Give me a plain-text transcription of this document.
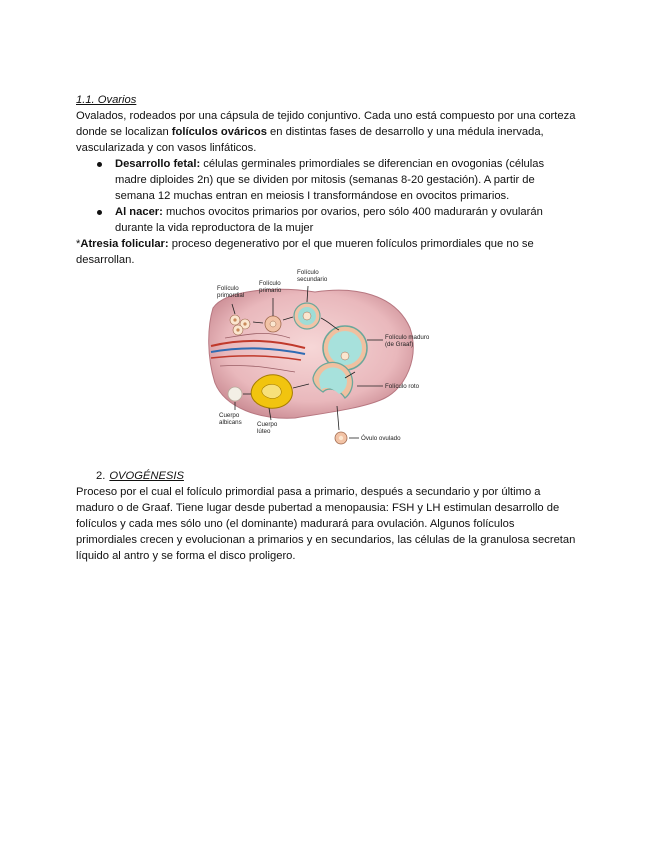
1.1. Ovarios

Ovalados, rodeados por una cápsula de tejido conjuntivo. Cada uno está compuesto por una corteza donde se localizan folículos ováricos en distintas fases de desarrollo y una médula inervada, vascularizada y con vasos linfáticos.

Desarrollo fetal: células germinales primordiales se diferencian en ovogonias (células madre diploides 2n) que se dividen por mitosis (semanas 8-20 gestación). A partir de semana 12 muchas entran en meiosis I transformándose en ovocitos primarios.
Al nacer: muchos ovocitos primarios por ovarios, pero sólo 400 madurarán y ovularán durante la vida reproductora de la mujer

*Atresia folicular: proceso degenerativo por el que mueren folículos primordiales que no se desarrollan.

Folículo
primordial
Folículo
primario
Folículo
secundario
Folículo maduro
(de Graaf)
Folículo roto
Cuerpo
albicans Cuerpo
lúteo
Óvulo ovulado
2. OVOGÉNESIS

Proceso por el cual el folículo primordial pasa a primario, después a secundario y por último a maduro o de Graaf. Tiene lugar desde pubertad a menopausia: FSH y LH estimulan desarrollo de folículos y cada mes sólo uno (el dominante) madurará para ovulación. Algunos folículos primordiales crecen y evolucionan a primarios y en secundarios, las células de la granulosa secretan líquido al antro y se forma el disco proligero.
